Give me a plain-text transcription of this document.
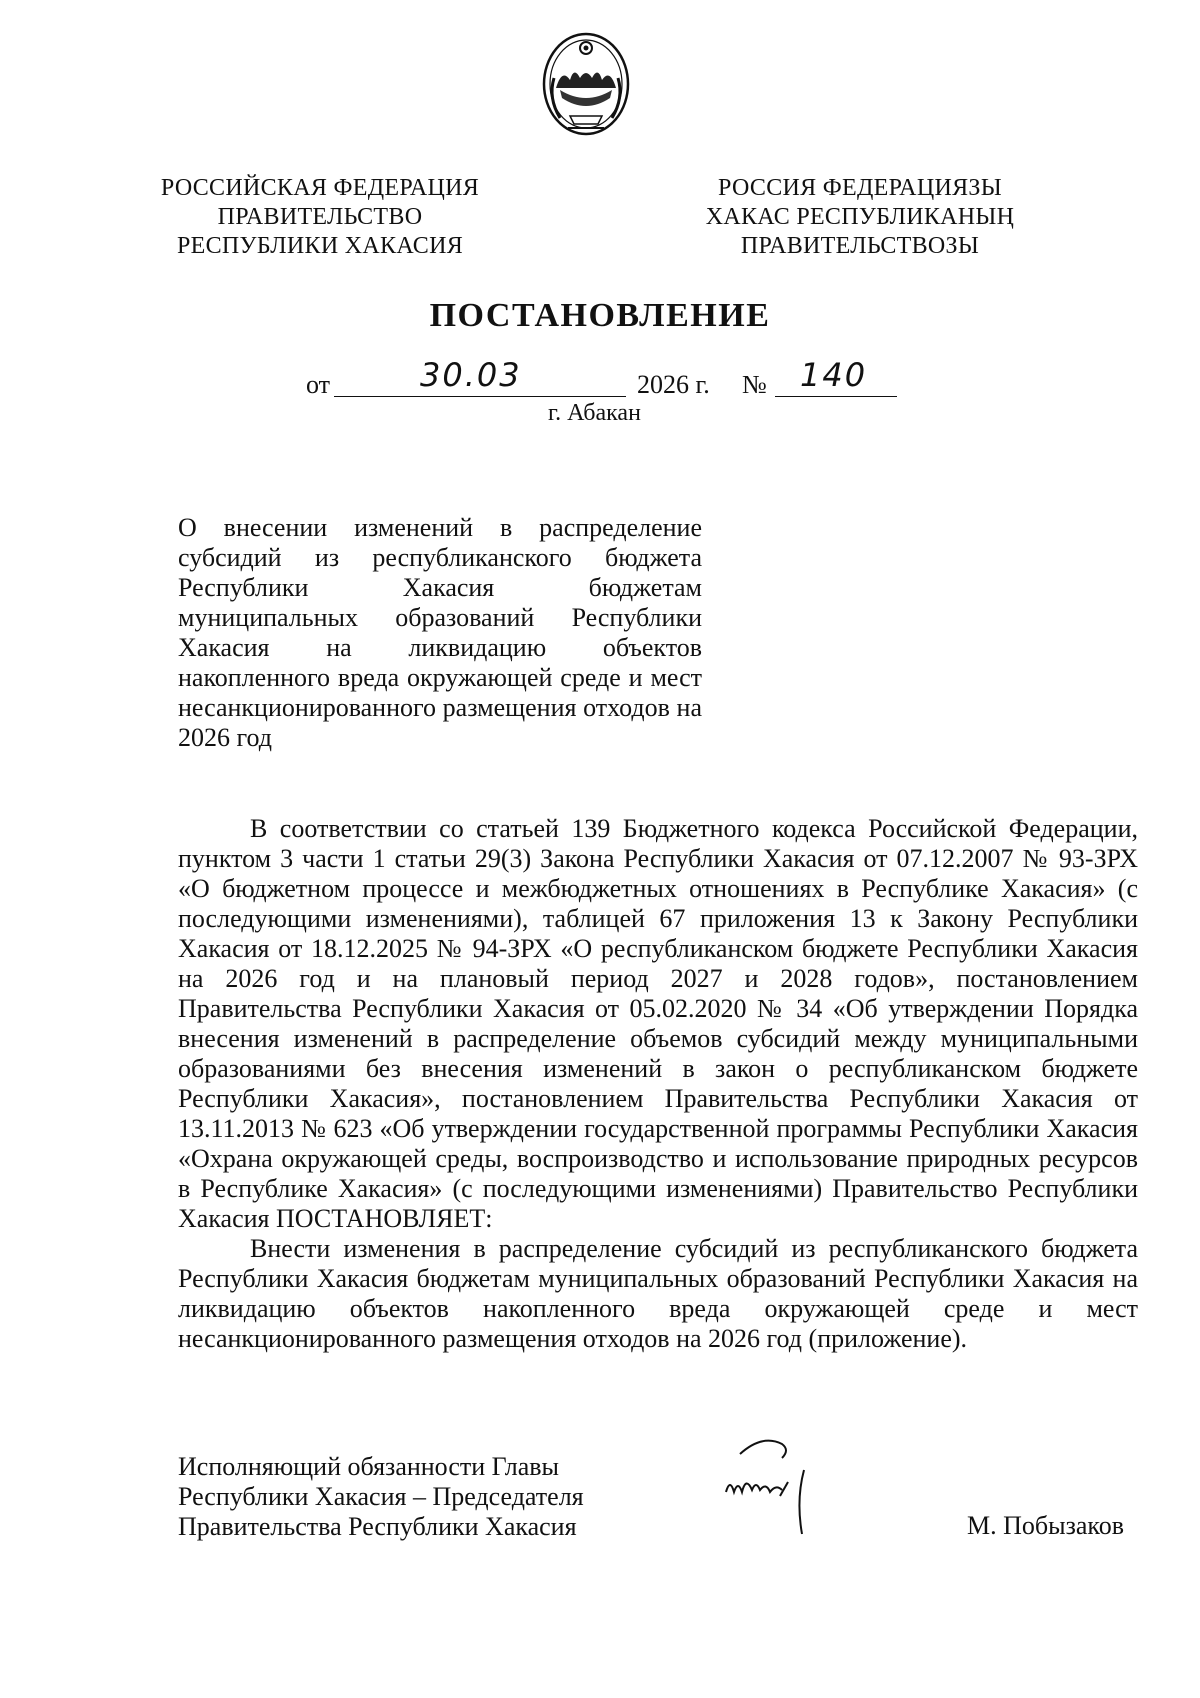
РОССИЙСКАЯ ФЕДЕРАЦИЯ
ПРАВИТЕЛЬСТВО
РЕСПУБЛИКИ ХАКАСИЯ
РОССИЯ ФЕДЕРАЦИЯЗЫ
ХАКАС РЕСПУБЛИКАНЫҢ
ПРАВИТЕЛЬСТВОЗЫ
ПОСТАНОВЛЕНИЕ
от	30.03	2026 г. № 140
г. Абакан
О внесении изменений в распределение субсидий из республиканского бюджета Республики Хакасия бюджетам муниципальных образований Республики Хакасия на ликвидацию объектов накопленного вреда окружающей среде и мест несанкционированного размещения отходов на 2026 год

В соответствии со статьей 139 Бюджетного кодекса Российской Федерации, пунктом 3 части 1 статьи 29(3) Закона Республики Хакасия от 07.12.2007 № 93-ЗРХ «О бюджетном процессе и межбюджетных отношениях в Республике Хакасия» (с последующими изменениями), таблицей 67 приложения 13 к Закону Республики Хакасия от 18.12.2025 № 94-ЗРХ «О республиканском бюджете Республики Хакасия на 2026 год и на плановый период 2027 и 2028 годов», постановлением Правительства Республики Хакасия от 05.02.2020 № 34 «Об утверждении Порядка внесения изменений в распределение объемов субсидий между муниципальными образованиями без внесения изменений в закон о республиканском бюджете Республики Хакасия», постановлением Правительства Республики Хакасия от 13.11.2013 № 623 «Об утверждении государственной программы Республики Хакасия «Охрана окружающей среды, воспроизводство и использование природных ресурсов в Республике Хакасия» (с последующими изменениями) Правительство Республики Хакасия ПОСТАНОВЛЯЕТ:

Внести изменения в распределение субсидий из республиканского бюджета Республики Хакасия бюджетам муниципальных образований Республики Хакасия на ликвидацию объектов накопленного вреда окружающей среде и мест несанкционированного размещения отходов на 2026 год (приложение).

Исполняющий обязанности Главы
Республики Хакасия – Председателя
Правительства Республики Хакасия	М. Побызаков
